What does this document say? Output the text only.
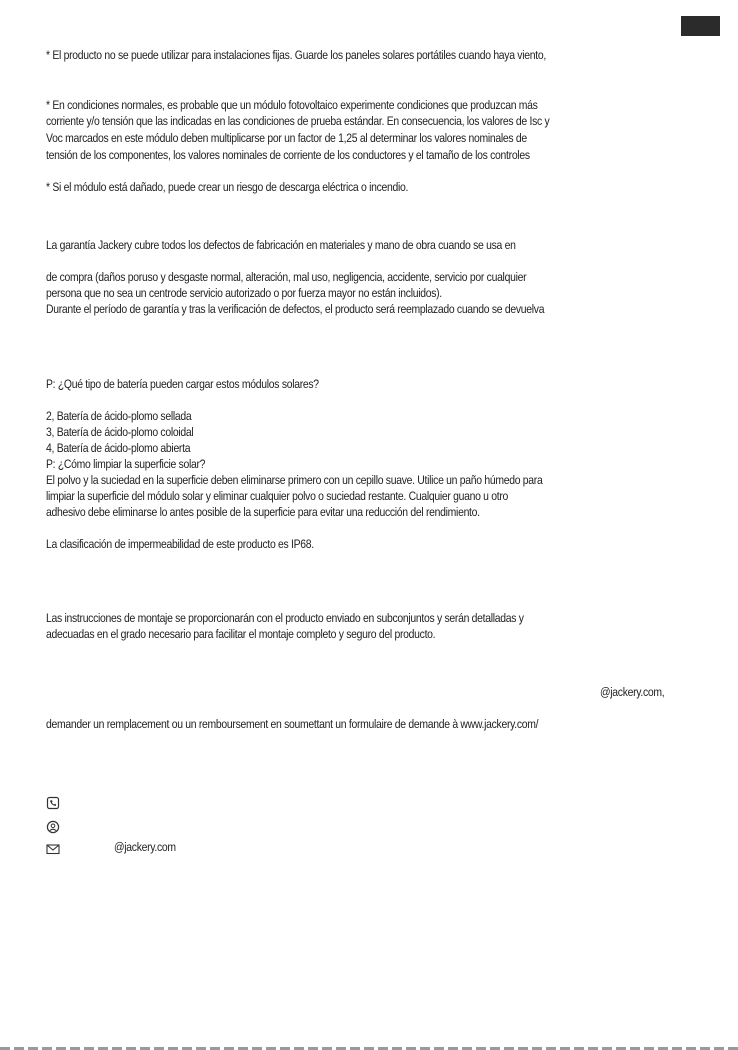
* El producto no se puede utilizar para instalaciones fijas. Guarde los paneles solares portátiles cuando haya viento,
* En condiciones normales, es probable que un módulo fotovoltaico experimente condiciones que produzcan más
corriente y/o tensión que las indicadas en las condiciones de prueba estándar. En consecuencia, los valores de Isc y
Voc marcados en este módulo deben multiplicarse por un factor de 1,25 al determinar los valores nominales de
tensión de los componentes, los valores nominales de corriente de los conductores y el tamaño de los controles
* Si el módulo está dañado, puede crear un riesgo de descarga eléctrica o incendio.
La garantía Jackery cubre todos los defectos de fabricación en materiales y mano de obra cuando se usa en
de compra (daños poruso y desgaste normal, alteración, mal uso, negligencia, accidente, servicio por cualquier
persona que no sea un centrode servicio autorizado o por fuerza mayor no están incluidos).
Durante el período de garantía y tras la verificación de defectos, el producto será reemplazado cuando se devuelva
P: ¿Qué tipo de batería pueden cargar estos módulos solares?
2, Batería de ácido-plomo sellada
3, Batería de ácido-plomo coloidal
4, Batería de ácido-plomo abierta
P: ¿Cómo limpiar la superficie solar?
El polvo y la suciedad en la superficie deben eliminarse primero con un cepillo suave. Utilice un paño húmedo para
limpiar la superficie del módulo solar y eliminar cualquier polvo o suciedad restante. Cualquier guano u otro
adhesivo debe eliminarse lo antes posible de la superficie para evitar una reducción del rendimiento.
La clasificación de impermeabilidad de este producto es IP68.
Las instrucciones de montaje se proporcionarán con el producto enviado en subconjuntos y serán detalladas y
adecuadas en el grado necesario para facilitar el montaje completo y seguro del producto.
@jackery.com,
demander un remplacement ou un remboursement en soumettant un formulaire de demande à www.jackery.com/
@jackery.com
